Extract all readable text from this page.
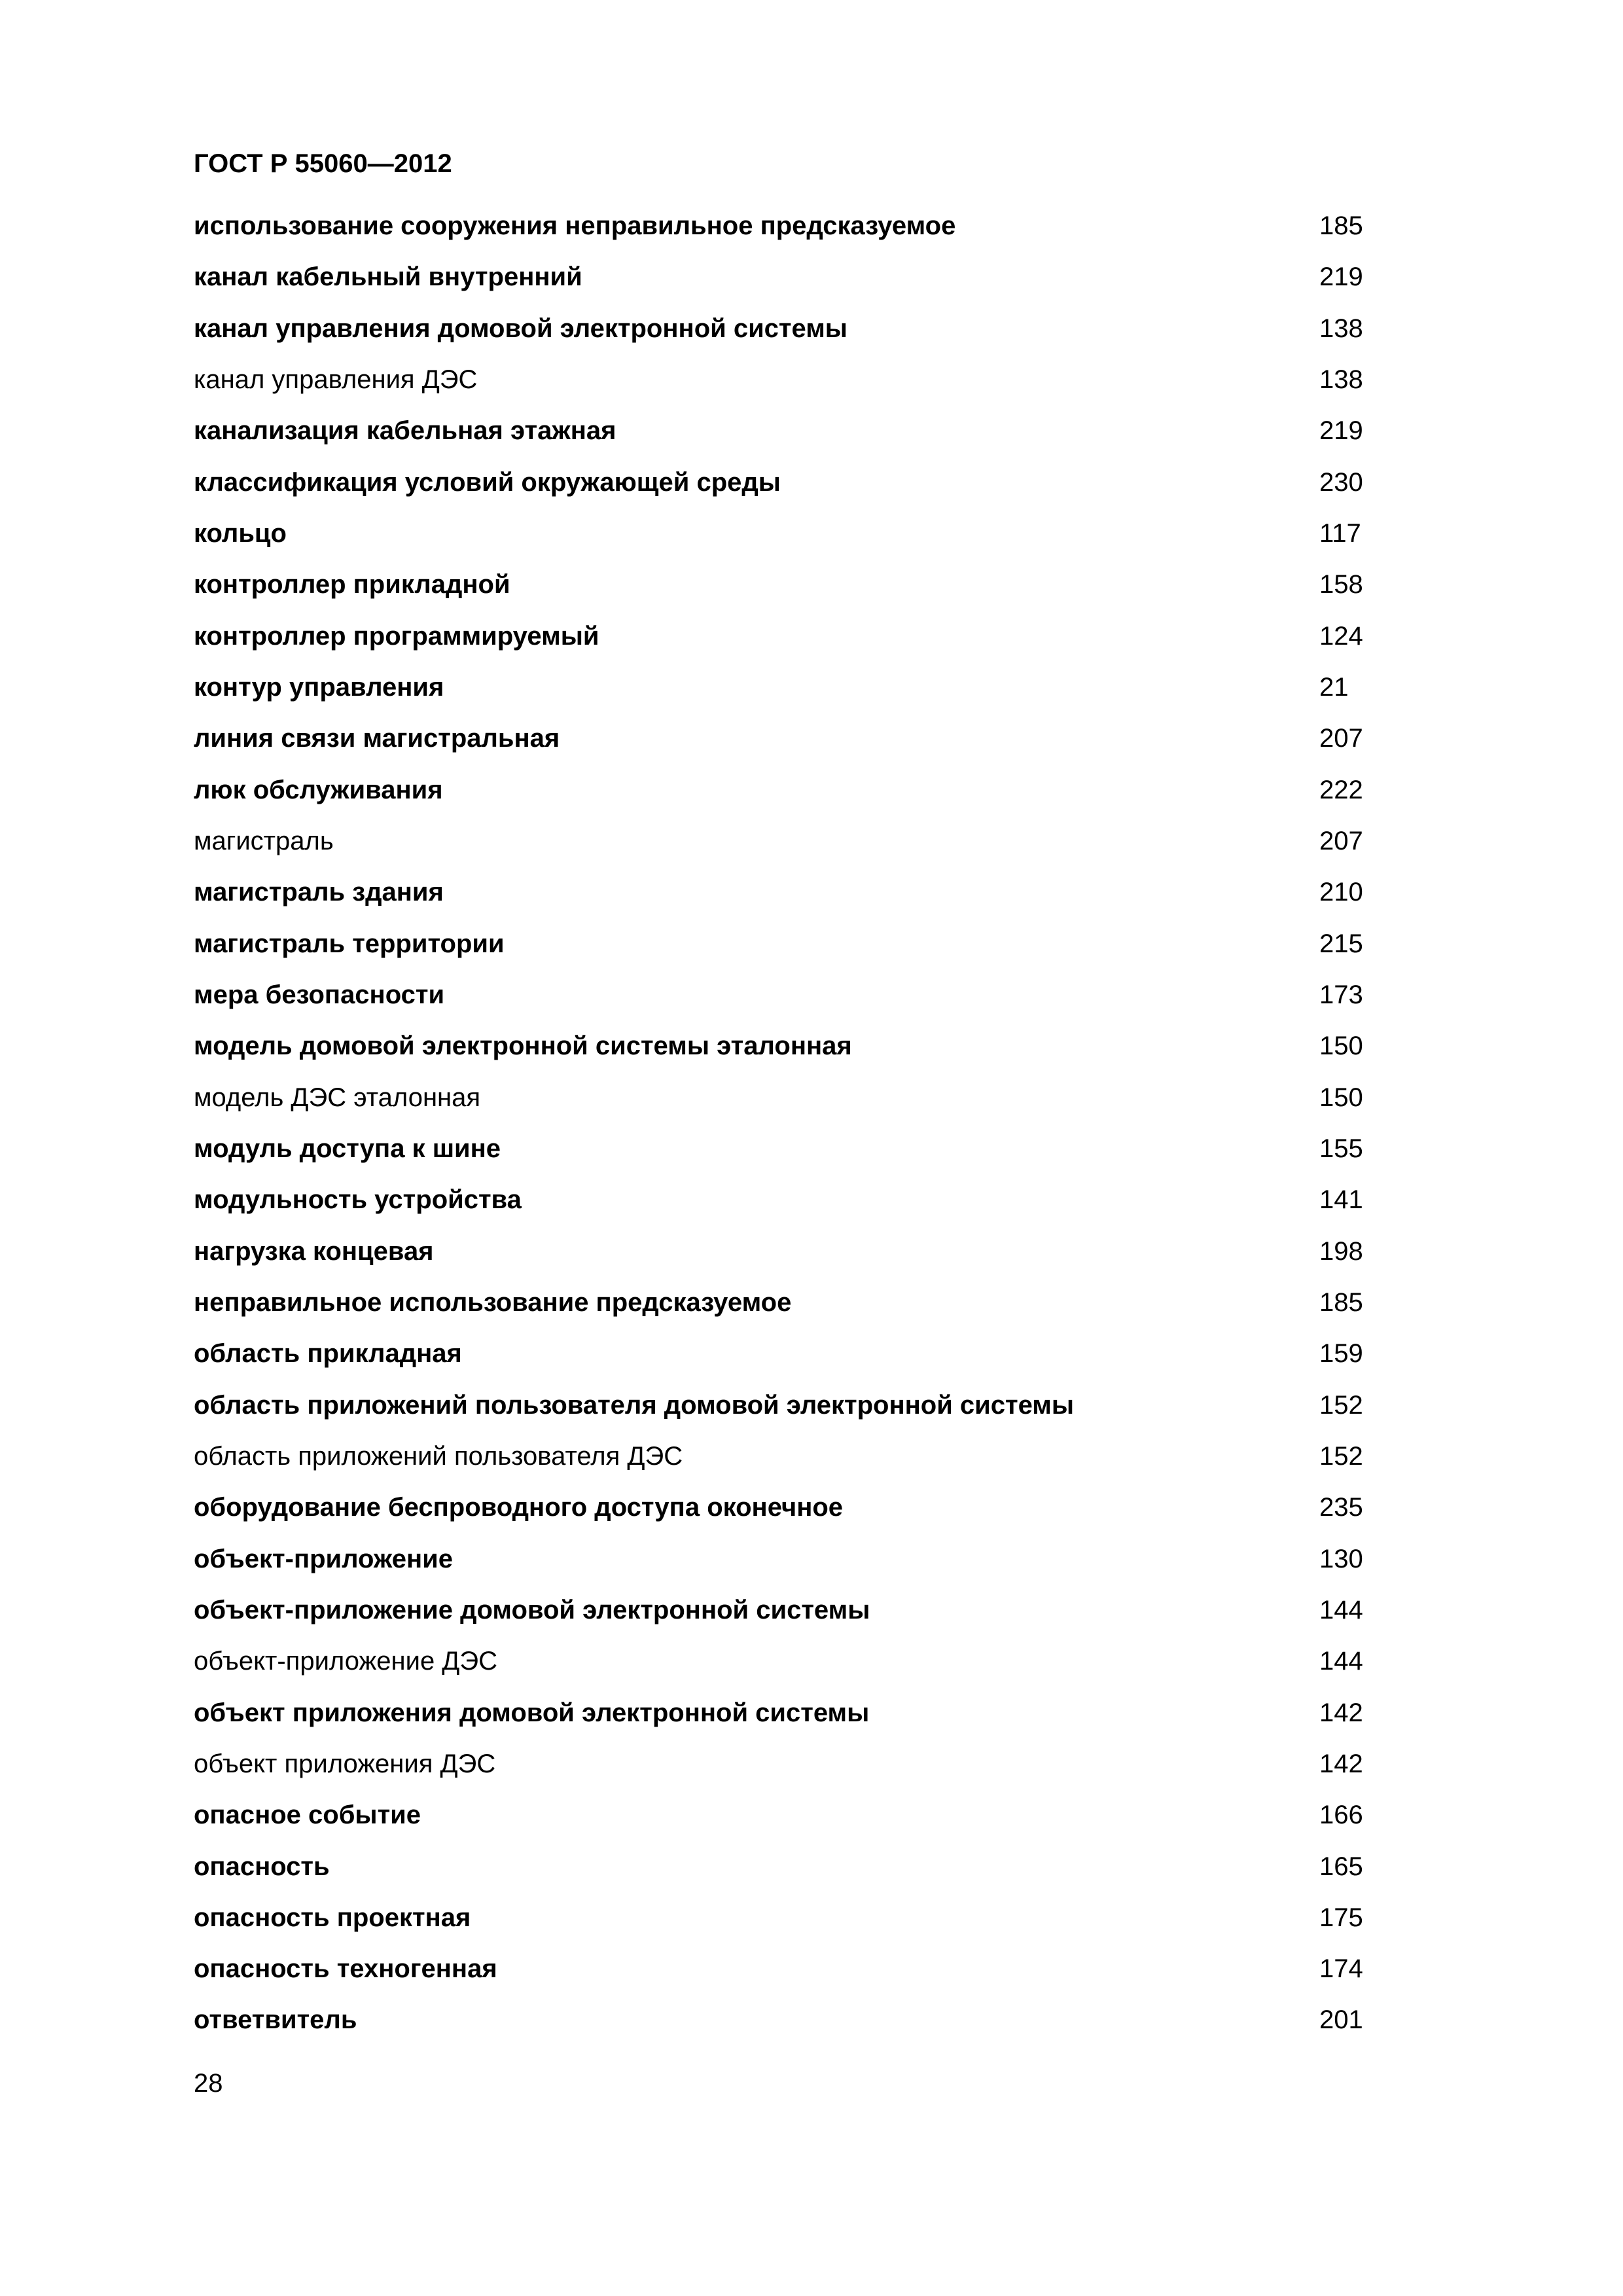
ГОСТ Р 55060—2012
использование сооружения неправильное предсказуемое	185
канал кабельный внутренний	219
канал управления домовой электронной системы	138
канал управления ДЭС	138
канализация кабельная этажная	219
классификация условий окружающей среды	230
кольцо	117
контроллер прикладной	158
контроллер программируемый	124
контур управления	21
линия связи магистральная	207
люк обслуживания	222
магистраль	207
магистраль здания	210
магистраль территории	215
мера безопасности	173
модель домовой электронной системы эталонная	150
модель ДЭС эталонная	150
модуль доступа к шине	155
модульность устройства	141
нагрузка концевая	198
неправильное использование предсказуемое	185
область прикладная	159
область приложений пользователя домовой электронной системы	152
область приложений пользователя ДЭС	152
оборудование беспроводного доступа оконечное	235
объект-приложение	130
объект-приложение домовой электронной системы	144
объект-приложение ДЭС	144
объект приложения домовой электронной системы	142
объект приложения ДЭС	142
опасное событие	166
опасность	165
опасность проектная	175
опасность техногенная	174
ответвитель	201
28
